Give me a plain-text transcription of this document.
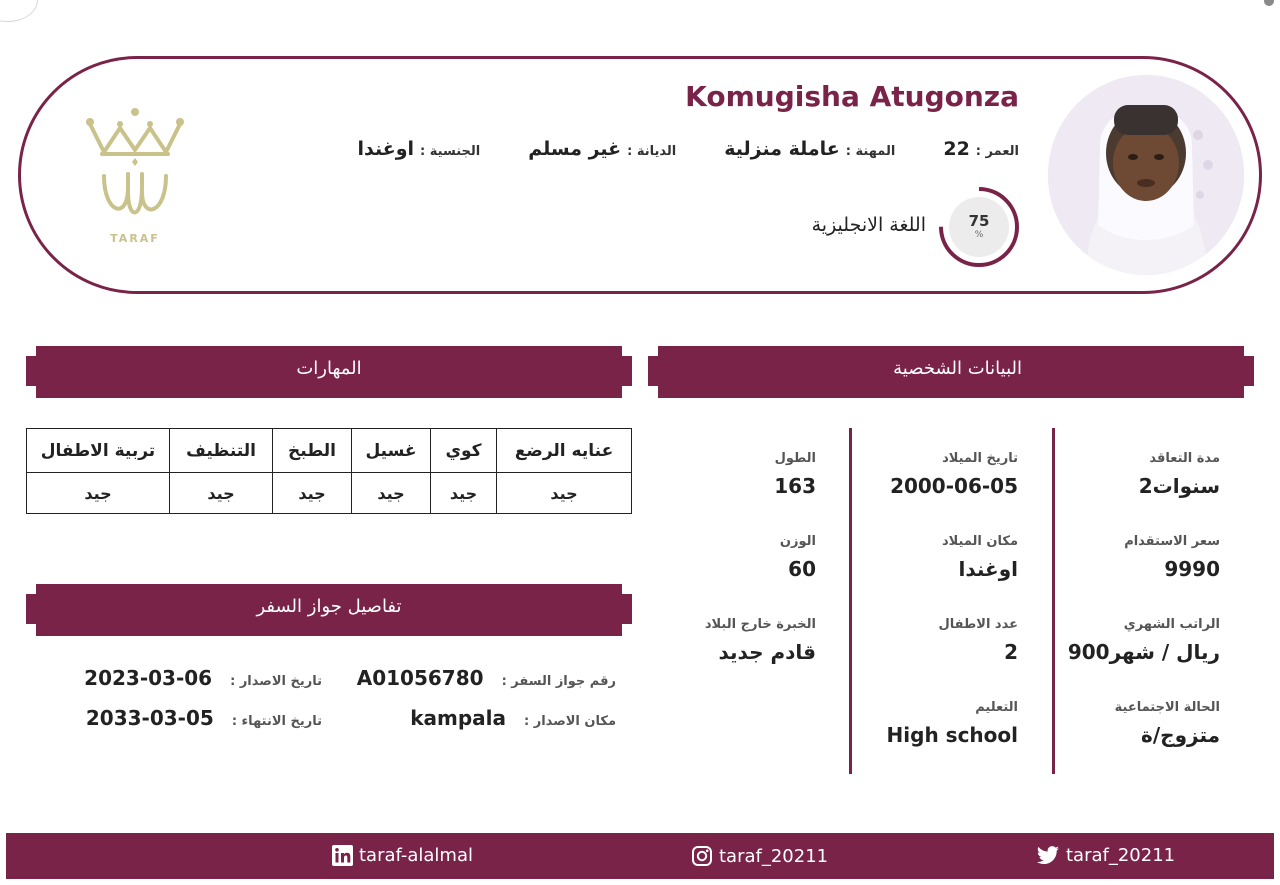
Komugisha Atugonza
الجنسية :
اوغندا	الديانة :
غير مسلم	المهنة :
عاملة منزلية	العمر :
22
75
%
اللغة الانجليزية
TARAF
البيانات الشخصية
المهارات
تفاصيل جواز السفر
مدة التعاقد
2سنوات
سعر الاستقدام
9990
الراتب الشهري
900ريال / شهر
الحالة الاجتماعية
متزوج/ة
تاريخ الميلاد
2000-06-05
مكان الميلاد
اوغندا
عدد الاطفال
2
التعليم
High school
الطول
163
الوزن
60
الخبرة خارج البلاد
قادم جديد
عنايه الرضع	كوي	غسيل	الطبخ	التنظيف	تربية الاطفال
جيد	جيد	جيد	جيد	جيد	جيد
رقم جواز السفر :
A01056780
تاريخ الاصدار :
2023-03-06
مكان الاصدار :
kampala
تاريخ الانتهاء :
2033-03-05
taraf_20211
taraf_20211
taraf-alalmal
